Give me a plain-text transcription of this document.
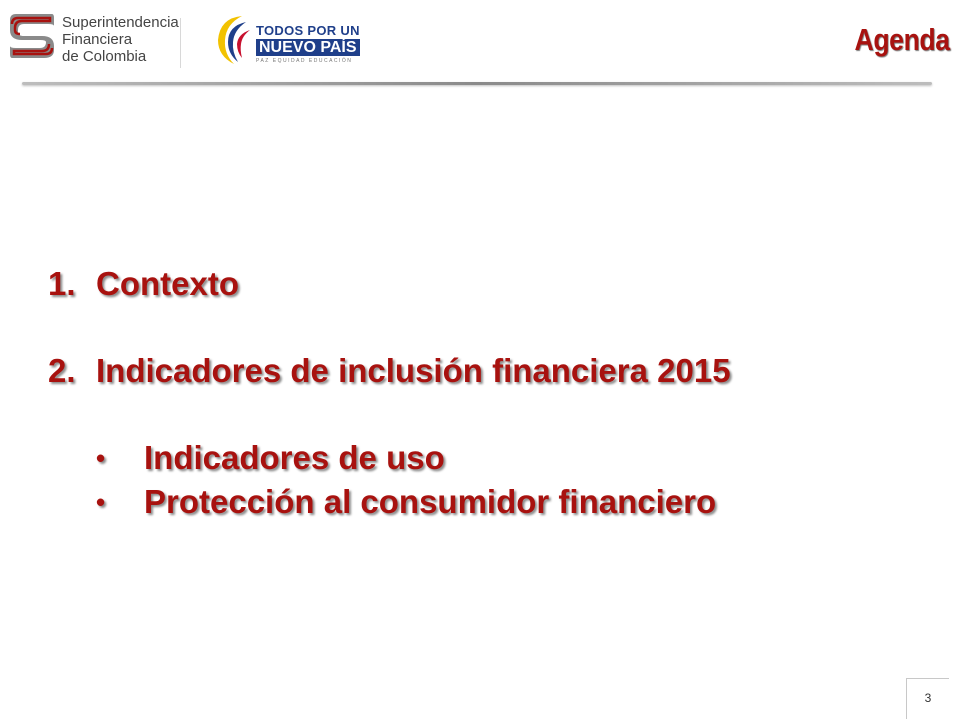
Superintendencia
Financiera
de Colombia
TODOS POR UN
NUEVO PAÍS
PAZ EQUIDAD EDUCACIÓN
Agenda
1. Contexto
2. Indicadores de inclusión financiera 2015
• Indicadores de uso
• Protección al consumidor financiero
3
